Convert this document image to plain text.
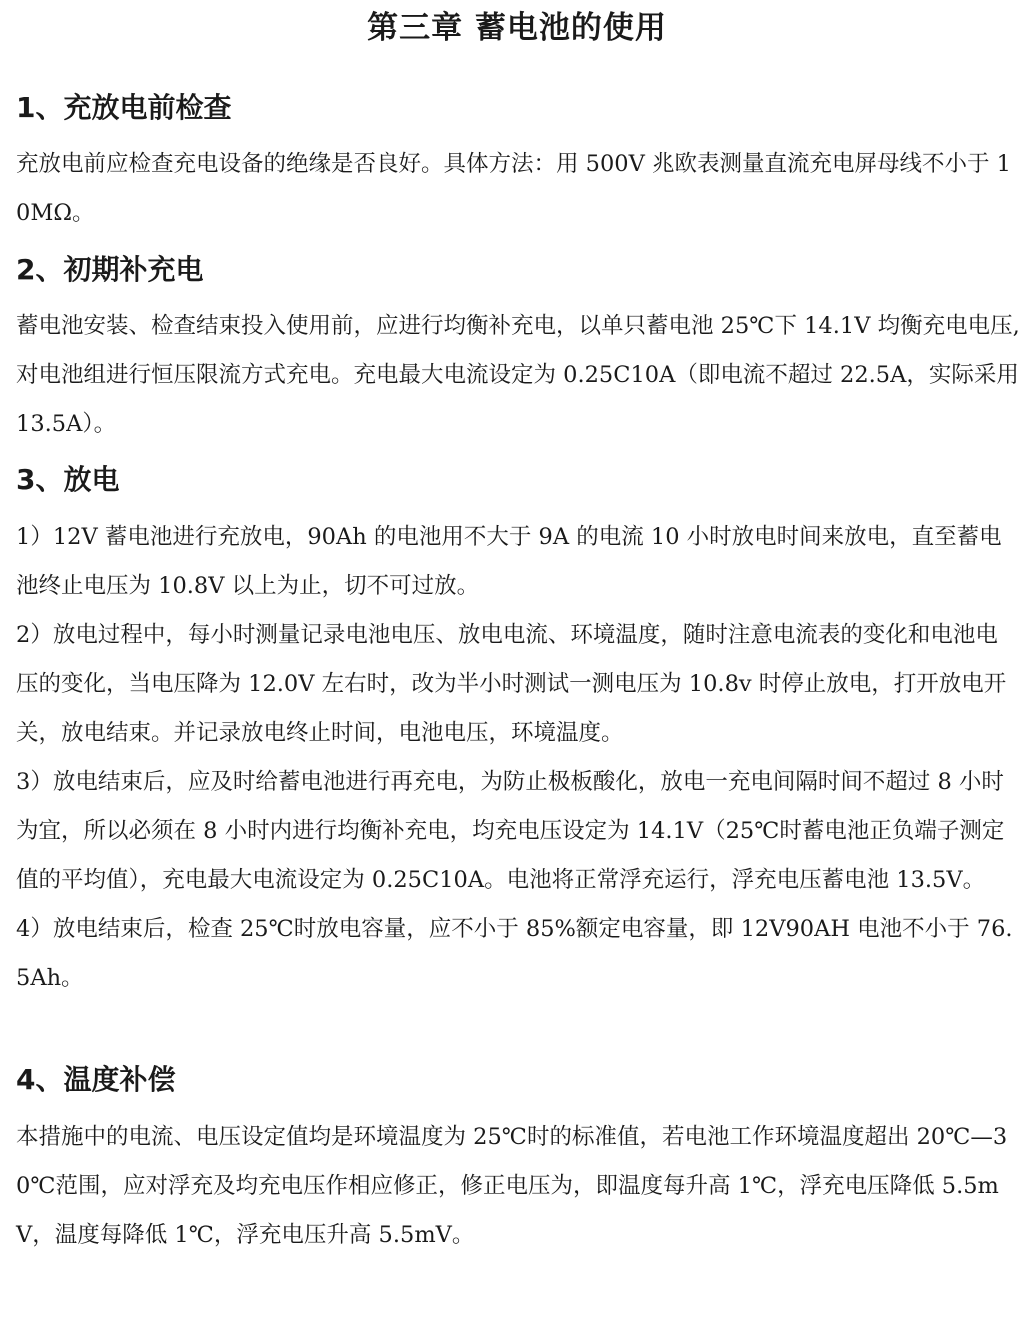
第三章 蓄电池的使用
1、充放电前检查

充放电前应检查充电设备的绝缘是否良好。具体方法：用 500V 兆欧表测量直流充电屏母线不小于 10MΩ。

2、初期补充电

蓄电池安装、检查结束投入使用前，应进行均衡补充电，以单只蓄电池 25℃下 14.1V 均衡充电电压,对电池组进行恒压限流方式充电。充电最大电流设定为 0.25C10A（即电流不超过 22.5A，实际采用 13.5A）。

3、放电

1）12V 蓄电池进行充放电，90Ah 的电池用不大于 9A 的电流 10 小时放电时间来放电，直至蓄电池终止电压为 10.8V 以上为止，切不可过放。

2）放电过程中，每小时测量记录电池电压、放电电流、环境温度，随时注意电流表的变化和电池电压的变化，当电压降为 12.0V 左右时，改为半小时测试一测电压为 10.8v 时停止放电，打开放电开关，放电结束。并记录放电终止时间，电池电压，环境温度。

3）放电结束后，应及时给蓄电池进行再充电，为防止极板酸化，放电一充电间隔时间不超过 8 小时为宜，所以必须在 8 小时内进行均衡补充电，均充电压设定为 14.1V（25℃时蓄电池正负端子测定值的平均值），充电最大电流设定为 0.25C10A。电池将正常浮充运行，浮充电压蓄电池 13.5V。

4）放电结束后，检查 25℃时放电容量，应不小于 85%额定电容量，即 12V90AH 电池不小于 76.5Ah。

4、温度补偿

本措施中的电流、电压设定值均是环境温度为 25℃时的标准值，若电池工作环境温度超出 20℃—30℃范围，应对浮充及均充电压作相应修正，修正电压为，即温度每升高 1℃，浮充电压降低 5.5mV，温度每降低 1℃，浮充电压升高 5.5mV。
